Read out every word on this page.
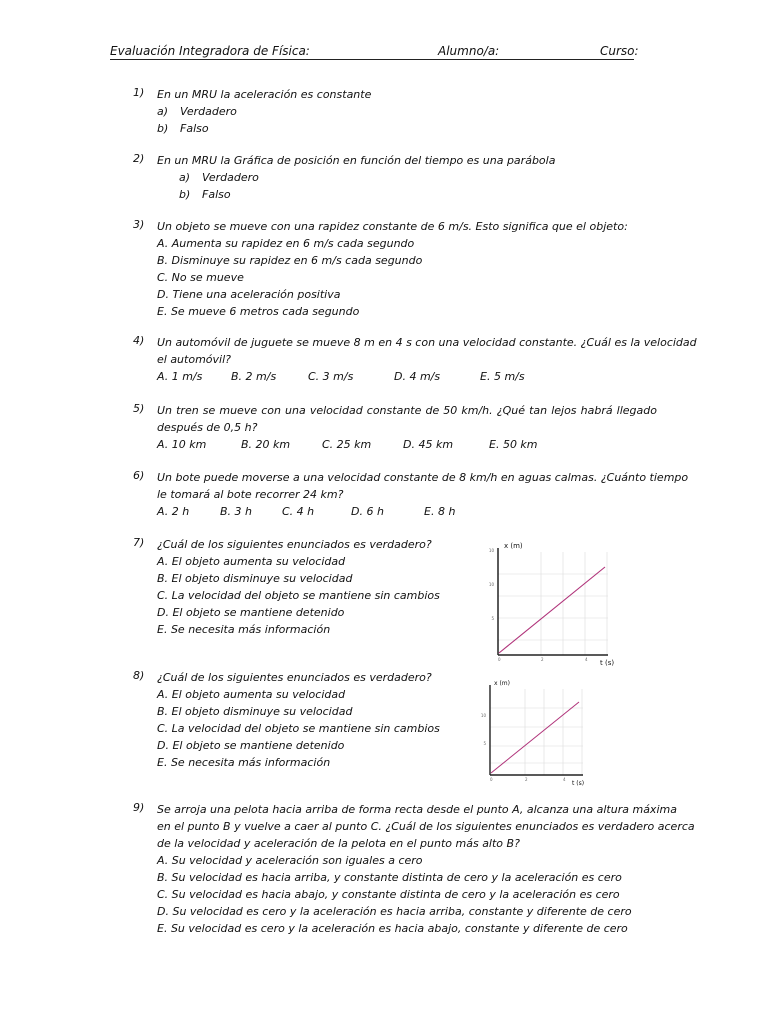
Evaluación Integradora de Física:	Alumno/a:	Curso:
1) En un MRU la aceleración es constante
a)	Verdadero
b)	Falso
2) En un MRU la Gráfica de posición en función del tiempo es una parábola
a)	Verdadero
b)	Falso
3) Un objeto se mueve con una rapidez constante de 6 m/s. Esto significa que el objeto:
A. Aumenta su rapidez en 6 m/s cada segundo
B. Disminuye su rapidez en 6 m/s cada segundo
C. No se mueve
D. Tiene una aceleración positiva
E. Se mueve 6 metros cada segundo
4) Un automóvil de juguete se mueve 8 m en 4 s con una velocidad constante. ¿Cuál es la velocidad
el automóvil?
A. 1 m/s	B. 2 m/s	C. 3 m/s	D. 4 m/s	E. 5 m/s
5) Un tren se mueve con una velocidad constante de 50 km/h. ¿Qué tan lejos habrá llegado
después de 0,5 h?
A. 10 km	B. 20 km	C. 25 km	D. 45 km	E. 50 km
6) Un bote puede moverse a una velocidad constante de 8 km/h en aguas calmas. ¿Cuánto tiempo
le tomará al bote recorrer 24 km?
A. 2 h	B. 3 h	C. 4 h	D. 6 h	E. 8 h
7) ¿Cuál de los siguientes enunciados es verdadero?
A. El objeto aumenta su velocidad
B. El objeto disminuye su velocidad
C. La velocidad del objeto se mantiene sin cambios
D. El objeto se mantiene detenido
E. Se necesita más información
10
10
5
0	2	4
x (m)
t (s)
8) ¿Cuál de los siguientes enunciados es verdadero?
A. El objeto aumenta su velocidad
B. El objeto disminuye su velocidad
C. La velocidad del objeto se mantiene sin cambios
D. El objeto se mantiene detenido
E. Se necesita más información
10
5
0	2	4
x (m)
t (s)
9) Se arroja una pelota hacia arriba de forma recta desde el punto A, alcanza una altura máxima
en el punto B y vuelve a caer al punto C. ¿Cuál de los siguientes enunciados es verdadero acerca
de la velocidad y aceleración de la pelota en el punto más alto B?
A. Su velocidad y aceleración son iguales a cero
B. Su velocidad es hacia arriba, y constante distinta de cero y la aceleración es cero
C. Su velocidad es hacia abajo, y constante distinta de cero y la aceleración es cero
D. Su velocidad es cero y la aceleración es hacia arriba, constante y diferente de cero
E. Su velocidad es cero y la aceleración es hacia abajo, constante y diferente de cero
